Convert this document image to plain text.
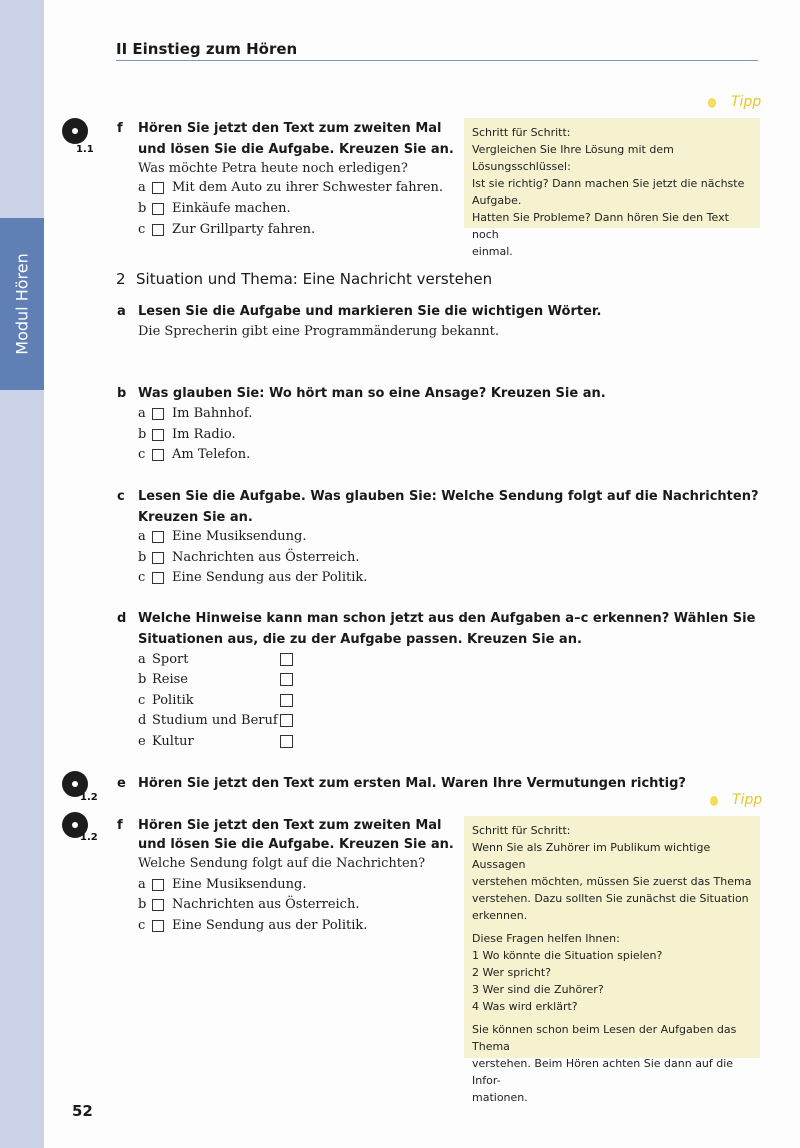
Modul Hören
II Einstieg zum Hören
1.1
f Hören Sie jetzt den Text zum zweiten Mal
und lösen Sie die Aufgabe. Kreuzen Sie an.
Was möchte Petra heute noch erledigen?
a	Mit dem Auto zu ihrer Schwester fahren.
b	Einkäufe machen.
c	Zur Grillparty fahren.
Tipp

Schritt für Schritt:

Vergleichen Sie Ihre Lösung mit dem Lösungsschlüssel:

Ist sie richtig? Dann machen Sie jetzt die nächste

Aufgabe.

Hatten Sie Probleme? Dann hören Sie den Text noch

einmal.

2 Situation und Thema: Eine Nachricht verstehen
a Lesen Sie die Aufgabe und markieren Sie die wichtigen Wörter.
Die Sprecherin gibt eine Programmänderung bekannt.
b Was glauben Sie: Wo hört man so eine Ansage? Kreuzen Sie an.
a	Im Bahnhof.
b	Im Radio.
c	Am Telefon.
c Lesen Sie die Aufgabe. Was glauben Sie: Welche Sendung folgt auf die Nachrichten?
Kreuzen Sie an.
a	Eine Musiksendung.
b	Nachrichten aus Österreich.
c	Eine Sendung aus der Politik.
d Welche Hinweise kann man schon jetzt aus den Aufgaben a–c erkennen? Wählen Sie
Situationen aus, die zu der Aufgabe passen. Kreuzen Sie an.
a Sport
b Reise
c Politik
d Studium und Beruf
e Kultur
1.2
e Hören Sie jetzt den Text zum ersten Mal. Waren Ihre Vermutungen richtig?
1.2
f Hören Sie jetzt den Text zum zweiten Mal
und lösen Sie die Aufgabe. Kreuzen Sie an.
Welche Sendung folgt auf die Nachrichten?
a	Eine Musiksendung.
b	Nachrichten aus Österreich.
c	Eine Sendung aus der Politik.
Tipp

Schritt für Schritt:

Wenn Sie als Zuhörer im Publikum wichtige Aussagen

verstehen möchten, müssen Sie zuerst das Thema

verstehen. Dazu sollten Sie zunächst die Situation

erkennen.

Diese Fragen helfen Ihnen:

1 Wo könnte die Situation spielen?

2 Wer spricht?

3 Wer sind die Zuhörer?

4 Was wird erklärt?

Sie können schon beim Lesen der Aufgaben das Thema

verstehen. Beim Hören achten Sie dann auf die Infor-

mationen.

52
